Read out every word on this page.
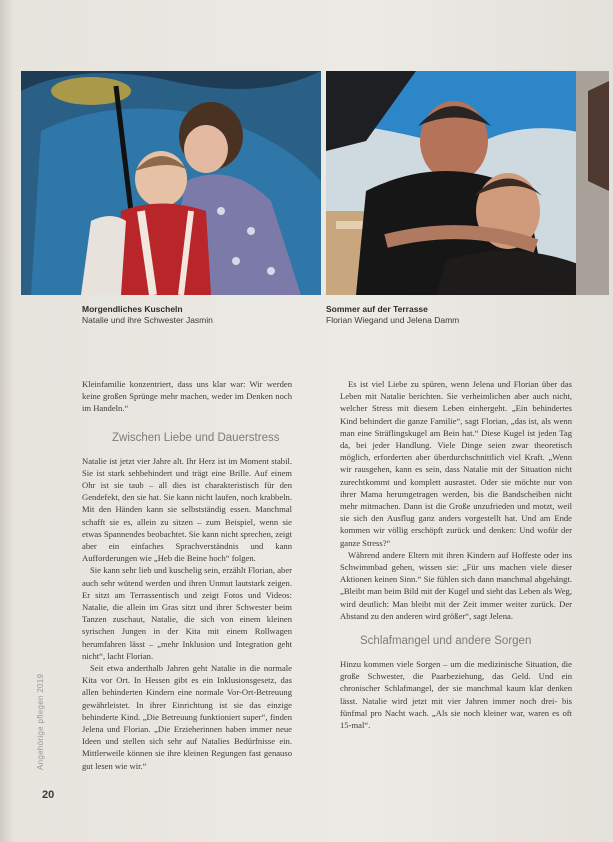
Morgendliches Kuscheln
Natalie und ihre Schwester Jasmin
Sommer auf der Terrasse
Florian Wiegand und Jelena Damm

Kleinfamilie konzentriert, dass uns klar war: Wir werden keine großen Sprünge mehr machen, weder im Denken noch im Handeln.“

Zwischen Liebe und Dauerstress

Natalie ist jetzt vier Jahre alt. Ihr Herz ist im Moment stabil. Sie ist stark sehbehindert und trägt eine Brille. Auf einem Ohr ist sie taub – all dies ist charakteristisch für den Gendefekt, den sie hat. Sie kann nicht laufen, noch krabbeln. Mit den Händen kann sie selbstständig essen. Manchmal schafft sie es, allein zu sitzen – zum Beispiel, wenn sie etwas Spannendes beobachtet. Sie kann nicht sprechen, zeigt aber ein einfaches Sprachverständnis und kann Aufforderungen wie „Heb die Beine hoch“ folgen.

Sie kann sehr lieb und kuschelig sein, erzählt Florian, aber auch sehr wütend werden und ihren Unmut lautstark zeigen. Er sitzt am Terrassentisch und zeigt Fotos und Videos: Natalie, die allein im Gras sitzt und ihrer Schwester beim Tanzen zuschaut, Natalie, die sich von einem kleinen syrischen Jungen in der Kita mit einem Rollwagen herumfahren lässt – „mehr Inklusion und Integration geht nicht“, lacht Florian.

Seit etwa anderthalb Jahren geht Natalie in die normale Kita vor Ort. In Hessen gibt es ein Inklusionsgesetz, das allen behinderten Kindern eine normale Vor-Ort-Betreuung gewährleistet. In ihrer Einrichtung ist sie das einzige behinderte Kind. „Die Betreuung funktioniert super“, finden Jelena und Florian. „Die Erzieherinnen haben immer neue Ideen und stellen sich sehr auf Natalies Bedürfnisse ein. Mittlerweile können sie ihre kleinen Regungen fast genauso gut lesen wie wir.“

Es ist viel Liebe zu spüren, wenn Jelena und Florian über das Leben mit Natalie berichten. Sie verheimlichen aber auch nicht, welcher Stress mit diesem Leben einhergeht. „Ein behindertes Kind behindert die ganze Familie“, sagt Florian, „das ist, als wenn man eine Sträflingskugel am Bein hat.“ Diese Kugel ist jeden Tag da, bei jeder Handlung. Viele Dinge seien zwar theoretisch möglich, erforderten aber überdurchschnittlich viel Kraft. „Wenn wir rausgehen, kann es sein, dass Natalie mit der Situation nicht zurechtkommt und komplett ausrastet. Oder sie möchte nur von ihrer Mama herumgetragen werden, bis die Bandscheiben nicht mehr mitmachen. Dann ist die Große unzufrieden und motzt, weil sie sich den Ausflug ganz anders vorgestellt hat. Und am Ende kommen wir völlig erschöpft zurück und denken: Und wofür der ganze Stress?“

Während andere Eltern mit ihren Kindern auf Hoffeste oder ins Schwimmbad gehen, wissen sie: „Für uns machen viele dieser Aktionen keinen Sinn.“ Sie fühlen sich dann manchmal abgehängt. „Bleibt man beim Bild mit der Kugel und sieht das Leben als Weg, wird deutlich: Man bleibt mit der Zeit immer weiter zurück. Der Abstand zu den anderen wird größer“, sagt Jelena.

Schlafmangel und andere Sorgen

Hinzu kommen viele Sorgen – um die medizinische Situation, die große Schwester, die Paarbeziehung, das Geld. Und ein chronischer Schlafmangel, der sie manchmal kaum klar denken lässt. Natalie wird jetzt mit vier Jahren immer noch drei- bis fünfmal pro Nacht wach. „Als sie noch kleiner war, waren es oft 15-mal“.

Angehörige pflegen 2019
20
